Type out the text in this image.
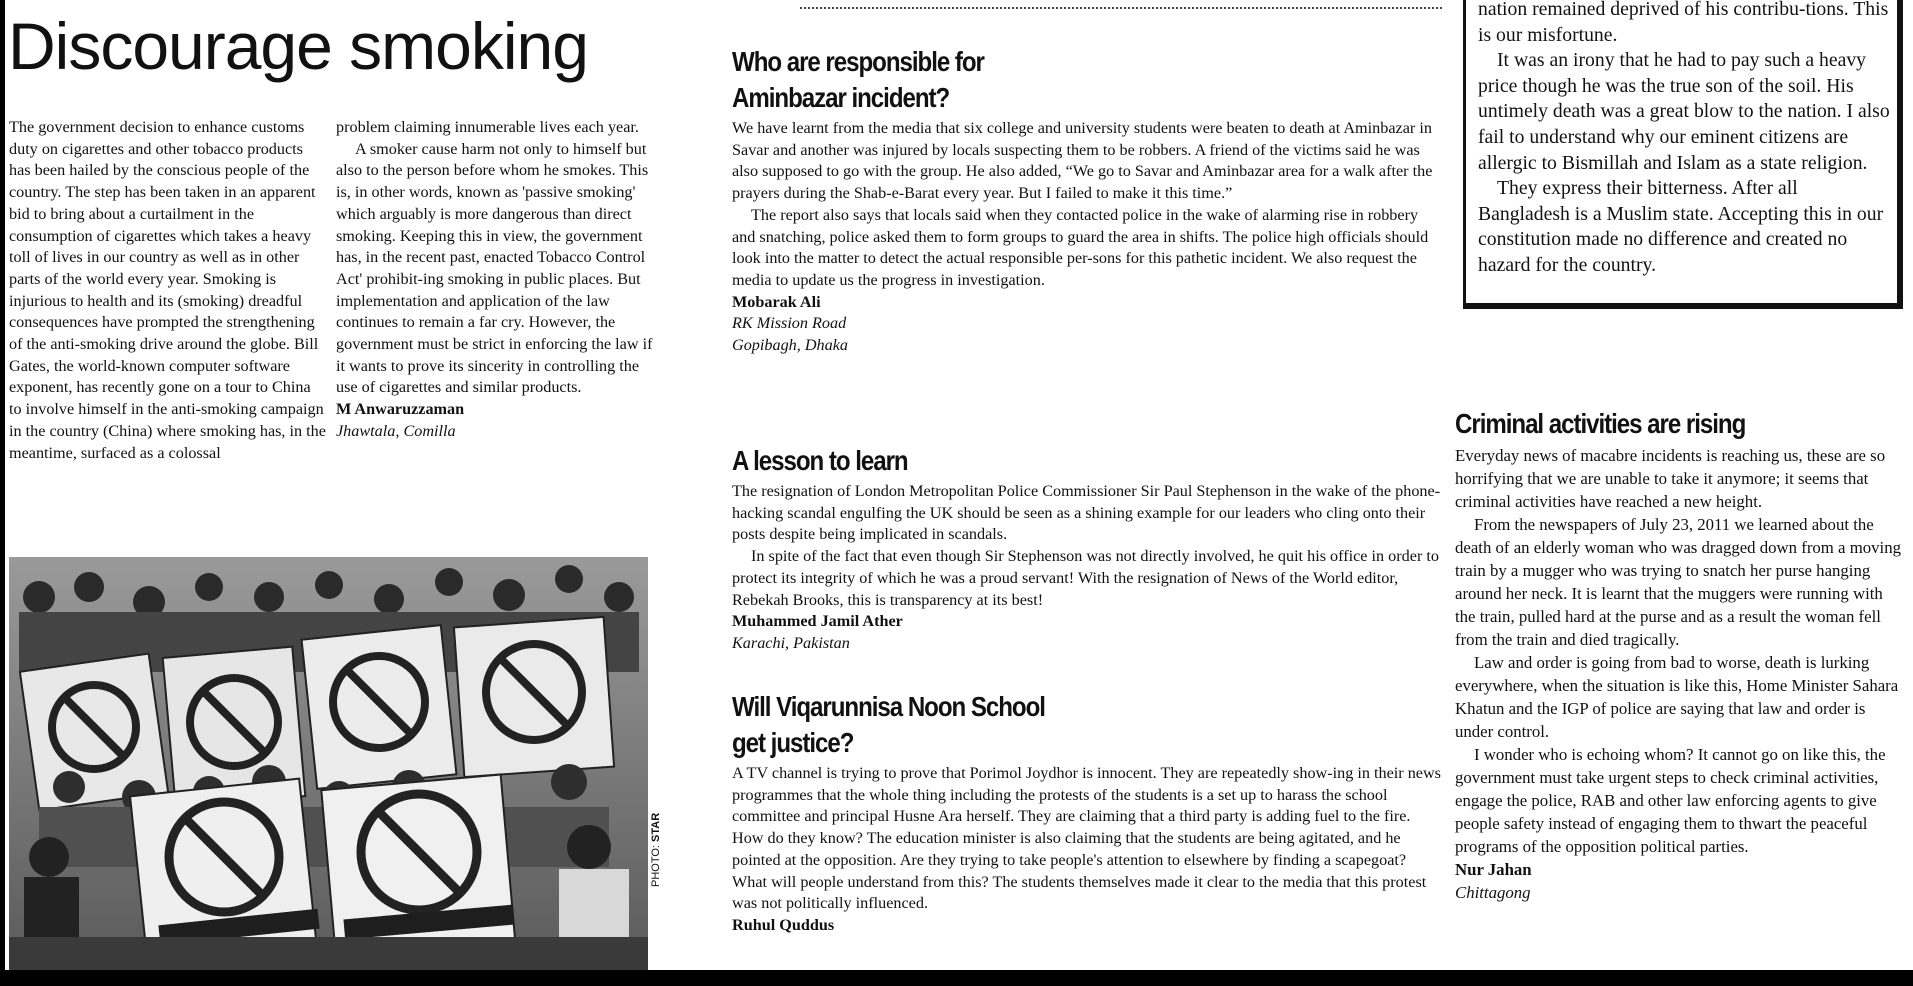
Discourage smoking

The government decision to enhance customs duty on cigarettes and other tobacco products has been hailed by the conscious people of the country. The step has been taken in an apparent bid to bring about a curtailment in the consumption of cigarettes which takes a heavy toll of lives in our country as well as in other parts of the world every year. Smoking is injurious to health and its (smoking) dreadful consequences have prompted the strengthening of the anti-smoking drive around the globe. Bill Gates, the world-known computer software exponent, has recently gone on a tour to China to involve himself in the anti-smoking campaign in the country (China) where smoking has, in the meantime, surfaced as a colossal

problem claiming innumerable lives each year.

A smoker cause harm not only to himself but also to the person before whom he smokes. This is, in other words, known as 'passive smoking' which arguably is more dangerous than direct smoking. Keeping this in view, the government has, in the recent past, enacted Tobacco Control Act' prohibit-ing smoking in public places. But implementation and application of the law continues to remain a far cry. However, the government must be strict in enforcing the law if it wants to prove its sincerity in controlling the use of cigarettes and similar products.

M Anwaruzzaman

Jhawtala, Comilla

PHOTO: STAR
Who are responsible for
Aminbazar incident?

We have learnt from the media that six college and university students were beaten to death at Aminbazar in Savar and another was injured by locals suspecting them to be robbers. A friend of the victims said he was also supposed to go with the group. He also added, “We go to Savar and Aminbazar area for a walk after the prayers during the Shab-e-Barat every year. But I failed to make it this time.”

The report also says that locals said when they contacted police in the wake of alarming rise in robbery and snatching, police asked them to form groups to guard the area in shifts. The police high officials should look into the matter to detect the actual responsible per-sons for this pathetic incident. We also request the media to update us the progress in investigation.

Mobarak Ali

RK Mission Road

Gopibagh, Dhaka

A lesson to learn

The resignation of London Metropolitan Police Commissioner Sir Paul Stephenson in the wake of the phone-hacking scandal engulfing the UK should be seen as a shining example for our leaders who cling onto their posts despite being implicated in scandals.

In spite of the fact that even though Sir Stephenson was not directly involved, he quit his office in order to protect its integrity of which he was a proud servant! With the resignation of News of the World editor, Rebekah Brooks, this is transparency at its best!

Muhammed Jamil Ather

Karachi, Pakistan

Will Viqarunnisa Noon School
get justice?

A TV channel is trying to prove that Porimol Joydhor is innocent. They are repeatedly show-ing in their news programmes that the whole thing including the protests of the students is a set up to harass the school committee and principal Husne Ara herself. They are claiming that a third party is adding fuel to the fire. How do they know? The education minister is also claiming that the students are being agitated, and he pointed at the opposition. Are they trying to take people's attention to elsewhere by finding a scapegoat? What will people understand from this? The students themselves made it clear to the media that this protest was not politically influenced.

Ruhul Quddus

nation remained deprived of his contribu-tions. This is our misfortune.

It was an irony that he had to pay such a heavy price though he was the true son of the soil. His untimely death was a great blow to the nation. I also fail to understand why our eminent citizens are allergic to Bismillah and Islam as a state religion.

They express their bitterness. After all Bangladesh is a Muslim state. Accepting this in our constitution made no difference and created no hazard for the country.

Criminal activities are rising

Everyday news of macabre incidents is reaching us, these are so horrifying that we are unable to take it anymore; it seems that criminal activities have reached a new height.

From the newspapers of July 23, 2011 we learned about the death of an elderly woman who was dragged down from a moving train by a mugger who was trying to snatch her purse hanging around her neck. It is learnt that the muggers were running with the train, pulled hard at the purse and as a result the woman fell from the train and died tragically.

Law and order is going from bad to worse, death is lurking everywhere, when the situation is like this, Home Minister Sahara Khatun and the IGP of police are saying that law and order is under control.

I wonder who is echoing whom? It cannot go on like this, the government must take urgent steps to check criminal activities, engage the police, RAB and other law enforcing agents to give people safety instead of engaging them to thwart the peaceful programs of the opposition political parties.

Nur Jahan

Chittagong
